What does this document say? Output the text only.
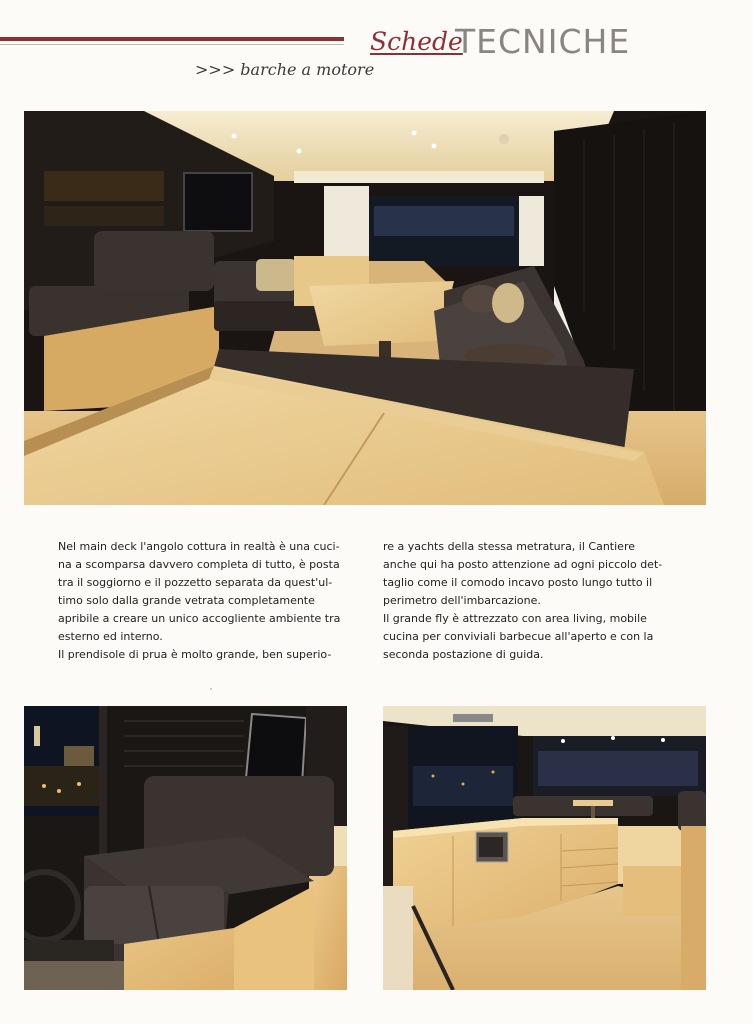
Schede
TECNICHE
>>> barche a motore

Nel main deck l'angolo cottura in realtà è una cuci-

na a scomparsa davvero completa di tutto, è posta

tra il soggiorno e il pozzetto separata da quest'ul-

timo solo dalla grande vetrata completamente

apribile a creare un unico accogliente ambiente tra

esterno ed interno.

Il prendisole di prua è molto grande, ben superio-

re a yachts della stessa metratura, il Cantiere

anche qui ha posto attenzione ad ogni piccolo det-

taglio come il comodo incavo posto lungo tutto il

perimetro dell'imbarcazione.

Il grande fly è attrezzato con area living, mobile

cucina per conviviali barbecue all'aperto e con la

seconda postazione di guida.
